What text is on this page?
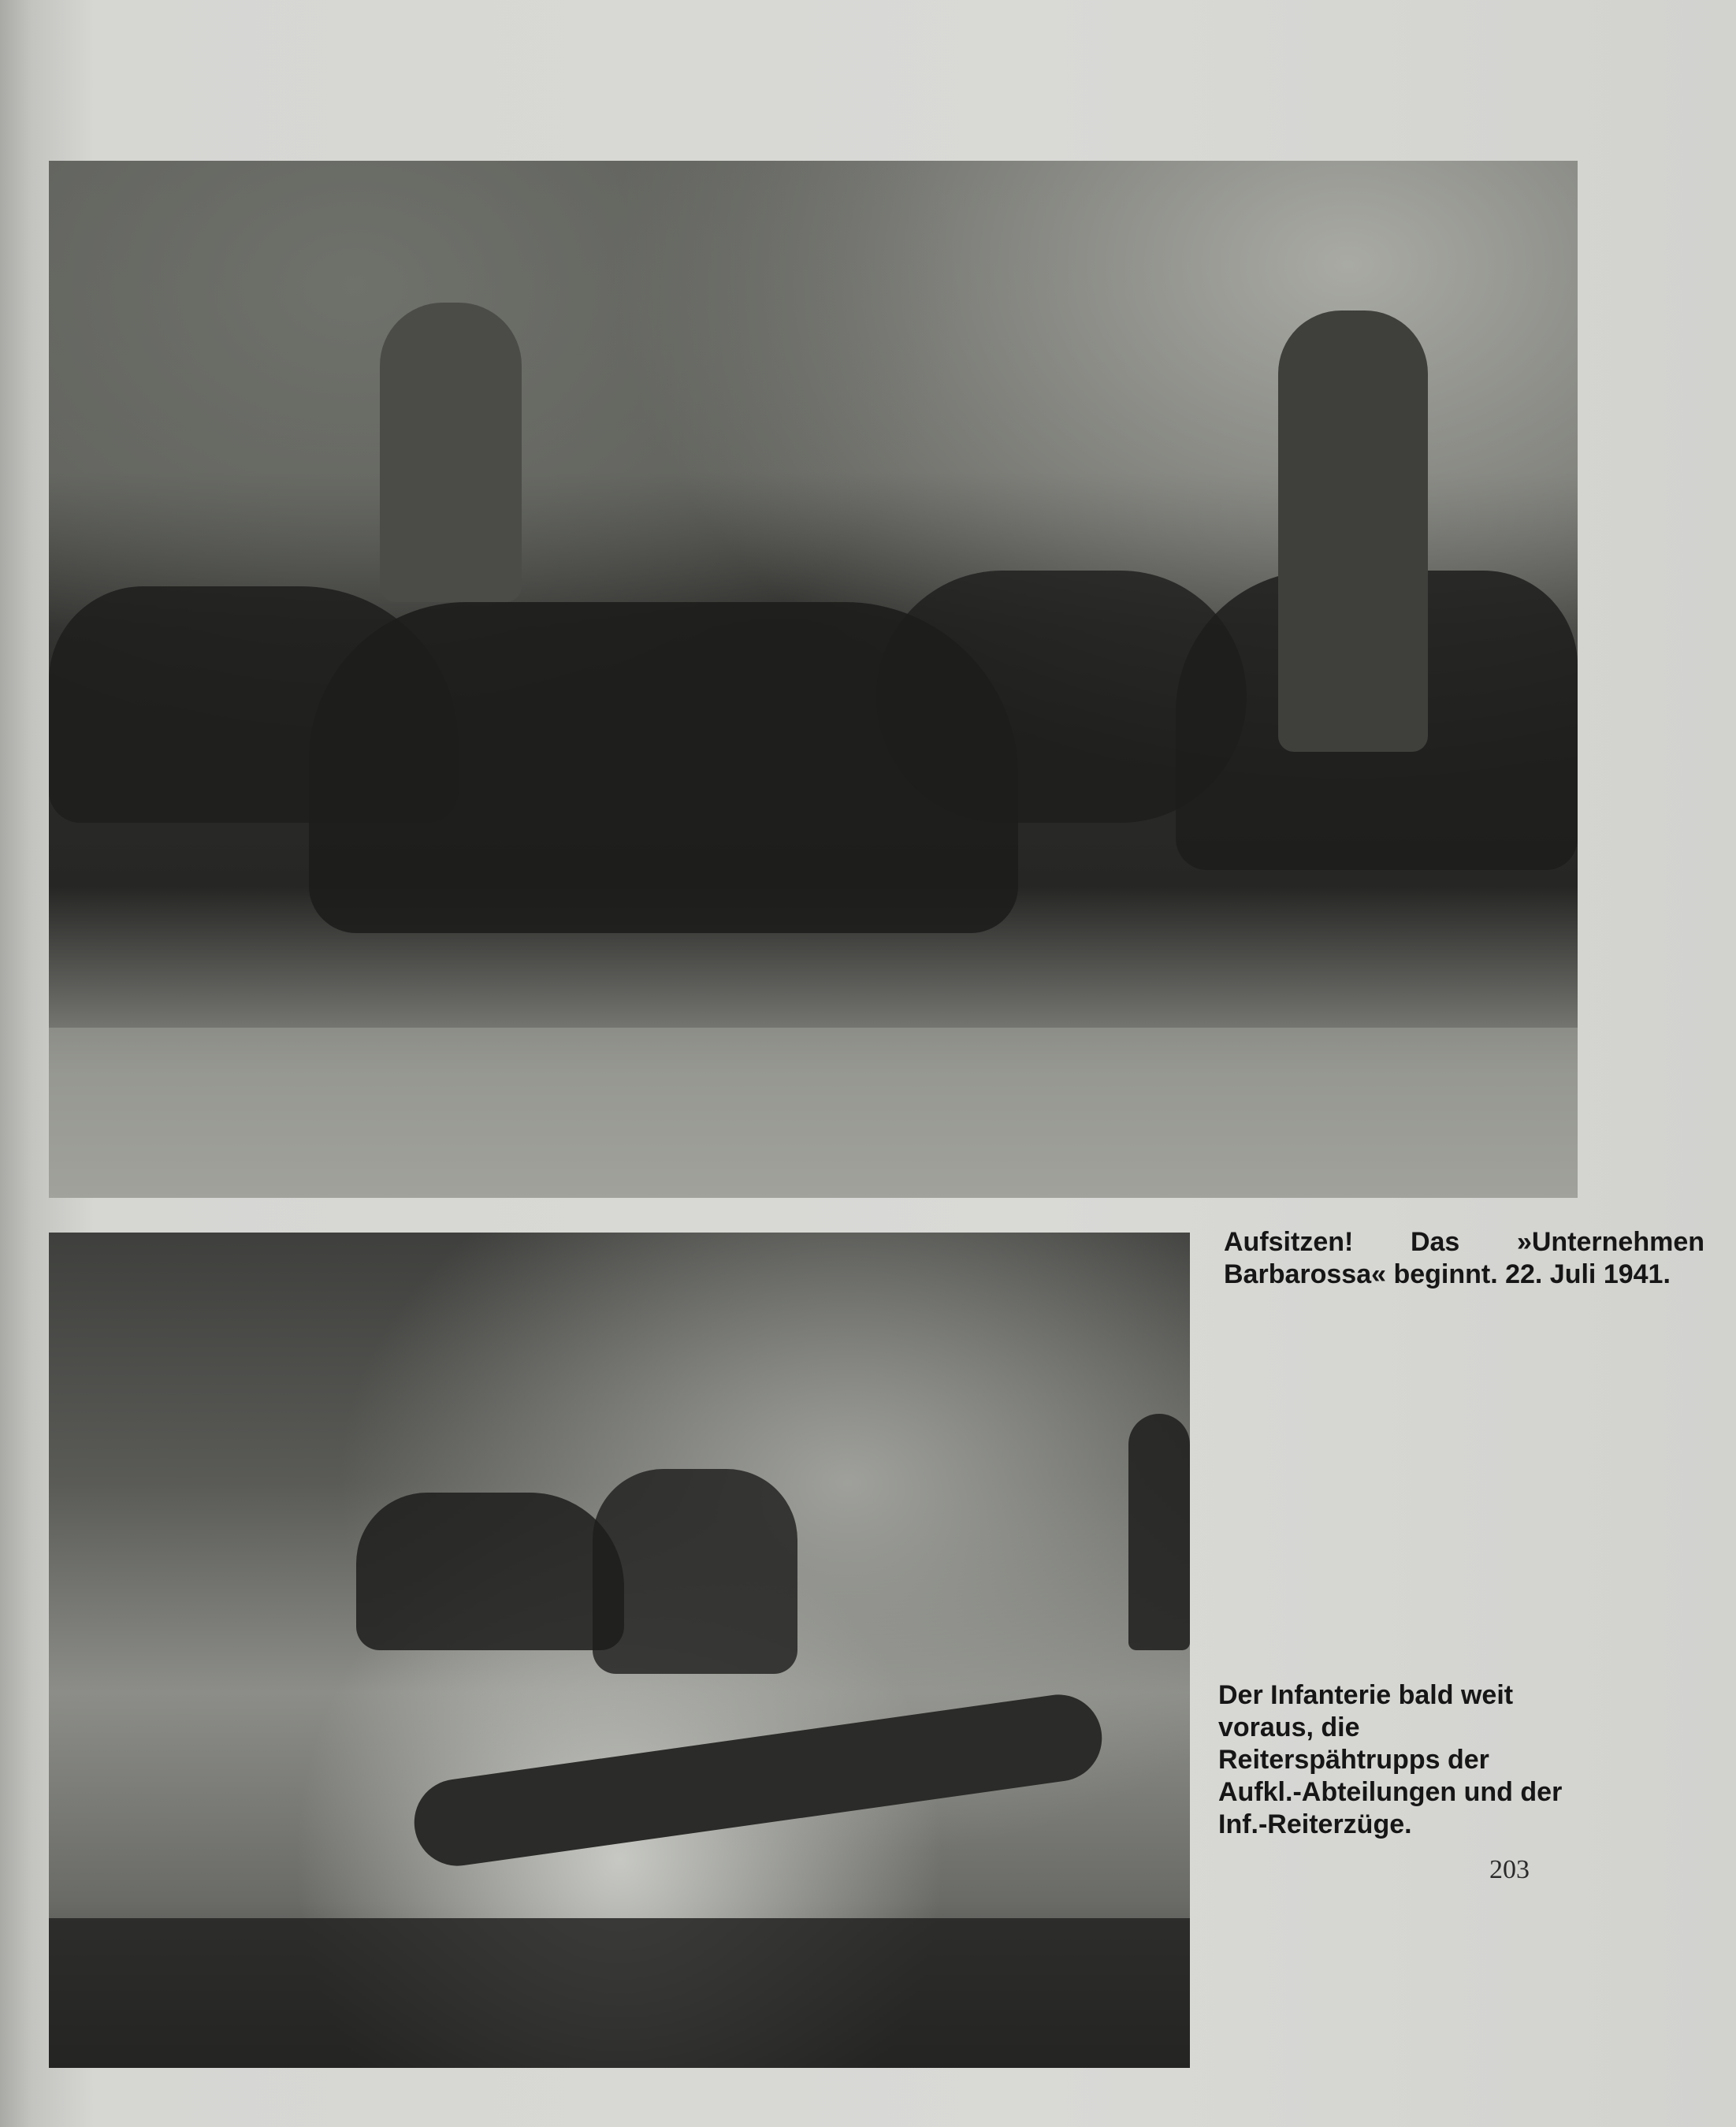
Aufsitzen! Das »Unternehmen Barbarossa« beginnt. 22. Juli 1941.
Der Infanterie bald weit voraus, die Reiterspähtrupps der Aufkl.-Abteilungen und der Inf.-Reiterzüge.
203
